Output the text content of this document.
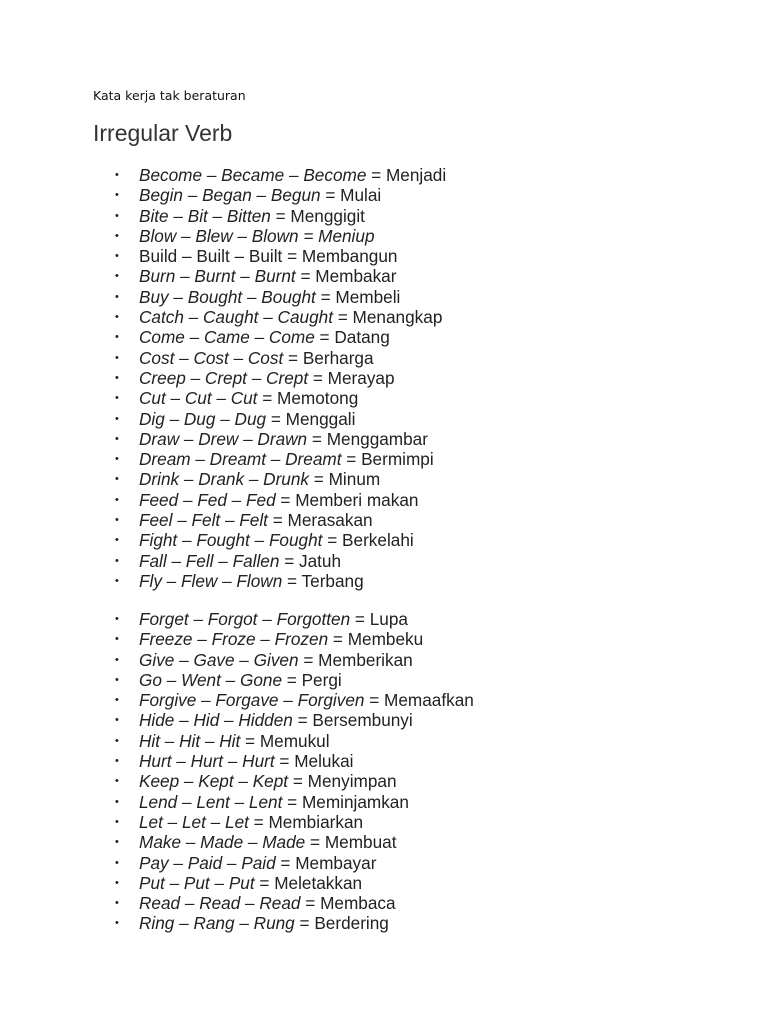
Kata kerja tak beraturan
Irregular Verb
• Become – Became – Become = Menjadi
• Begin – Began – Begun = Mulai
• Bite – Bit – Bitten = Menggigit
• Blow – Blew – Blown = Meniup
• Build – Built – Built = Membangun
• Burn – Burnt – Burnt = Membakar
• Buy – Bought – Bought = Membeli
• Catch – Caught – Caught = Menangkap
• Come – Came – Come = Datang
• Cost – Cost – Cost = Berharga
• Creep – Crept – Crept = Merayap
• Cut – Cut – Cut = Memotong
• Dig – Dug – Dug = Menggali
• Draw – Drew – Drawn = Menggambar
• Dream – Dreamt – Dreamt = Bermimpi
• Drink – Drank – Drunk = Minum
• Feed – Fed – Fed = Memberi makan
• Feel – Felt – Felt = Merasakan
• Fight – Fought – Fought = Berkelahi
• Fall – Fell – Fallen = Jatuh
• Fly – Flew – Flown = Terbang
• Forget – Forgot – Forgotten = Lupa
• Freeze – Froze – Frozen = Membeku
• Give – Gave – Given = Memberikan
• Go – Went – Gone = Pergi
• Forgive – Forgave – Forgiven = Memaafkan
• Hide – Hid – Hidden = Bersembunyi
• Hit – Hit – Hit = Memukul
• Hurt – Hurt – Hurt = Melukai
• Keep – Kept – Kept = Menyimpan
• Lend – Lent – Lent = Meminjamkan
• Let – Let – Let = Membiarkan
• Make – Made – Made = Membuat
• Pay – Paid – Paid = Membayar
• Put – Put – Put = Meletakkan
• Read – Read – Read = Membaca
• Ring – Rang – Rung = Berdering
